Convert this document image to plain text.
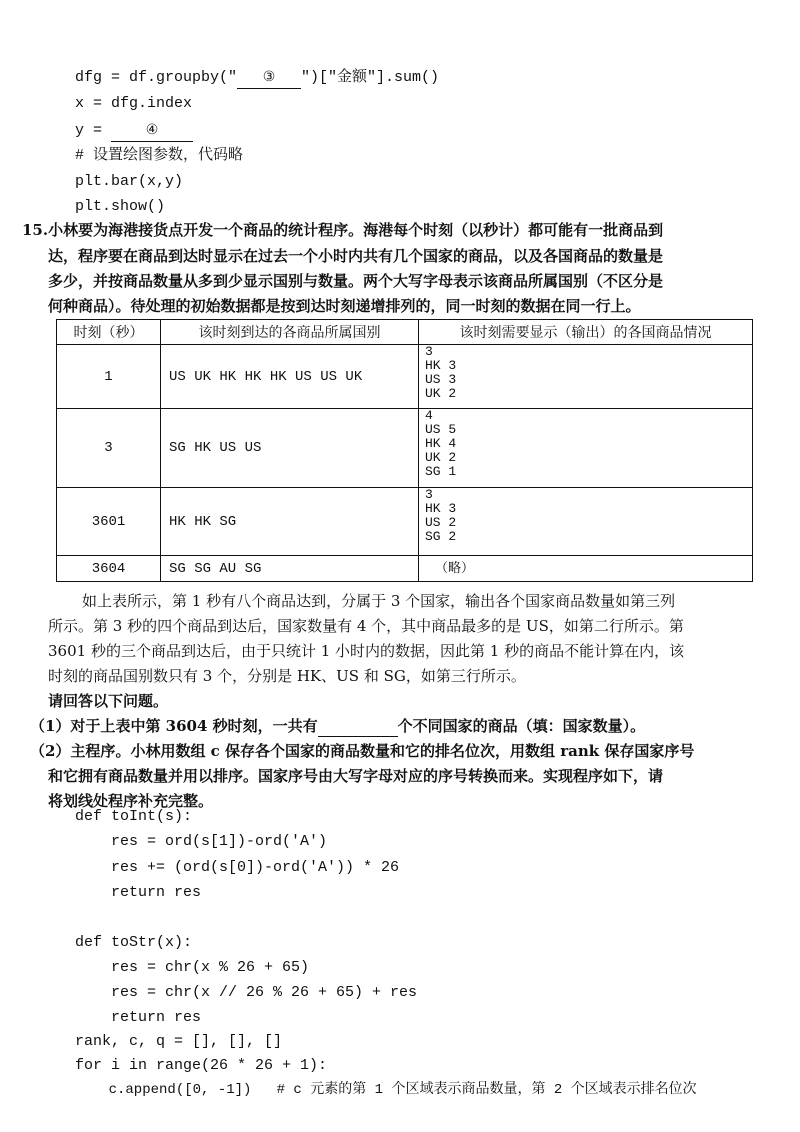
dfg = df.groupby(" ③ ")["金额"].sum()
x = dfg.index
y = ④
# 设置绘图参数，代码略
plt.bar(x,y)
plt.show()
15.小林要为海港接货点开发一个商品的统计程序。海港每个时刻（以秒计）都可能有一批商品到
达，程序要在商品到达时显示在过去一个小时内共有几个国家的商品，以及各国商品的数量是
多少，并按商品数量从多到少显示国别与数量。两个大写字母表示该商品所属国别（不区分是
何种商品）。待处理的初始数据都是按到达时刻递增排列的，同一时刻的数据在同一行上。
时刻（秒）	该时刻到达的各商品所属国别	该时刻需要显示（输出）的各国商品情况
1	US UK HK HK HK US US UK	3
HK 3
US 3
UK 2

3	SG HK US US	4
US 5
HK 4
UK 2
SG 1

3601	HK HK SG	3
HK 3
US 2
SG 2

3604	SG SG AU SG	（略）
如上表所示，第 1 秒有八个商品达到，分属于 3 个国家，输出各个国家商品数量如第三列
所示。第 3 秒的四个商品到达后，国家数量有 4 个，其中商品最多的是 US，如第二行所示。第
3601 秒的三个商品到达后，由于只统计 1 小时内的数据，因此第 1 秒的商品不能计算在内，该
时刻的商品国别数只有 3 个，分别是 HK、US 和 SG，如第三行所示。
请回答以下问题。
（1）对于上表中第 3604 秒时刻，一共有	个不同国家的商品（填：国家数量）。
（2）主程序。小林用数组 c 保存各个国家的商品数量和它的排名位次，用数组 rank 保存国家序号
和它拥有商品数量并用以排序。国家序号由大写字母对应的序号转换而来。实现程序如下，请
将划线处程序补充完整。
def toInt(s):
res = ord(s[1])-ord('A')
res += (ord(s[0])-ord('A')) * 26
return res
def toStr(x):
res = chr(x % 26 + 65)
res = chr(x // 26 % 26 + 65) + res
return res
rank, c, q = [], [], []
for i in range(26 * 26 + 1):
c.append([0, -1])   # c 元素的第 1 个区域表示商品数量，第 2 个区域表示排名位次
